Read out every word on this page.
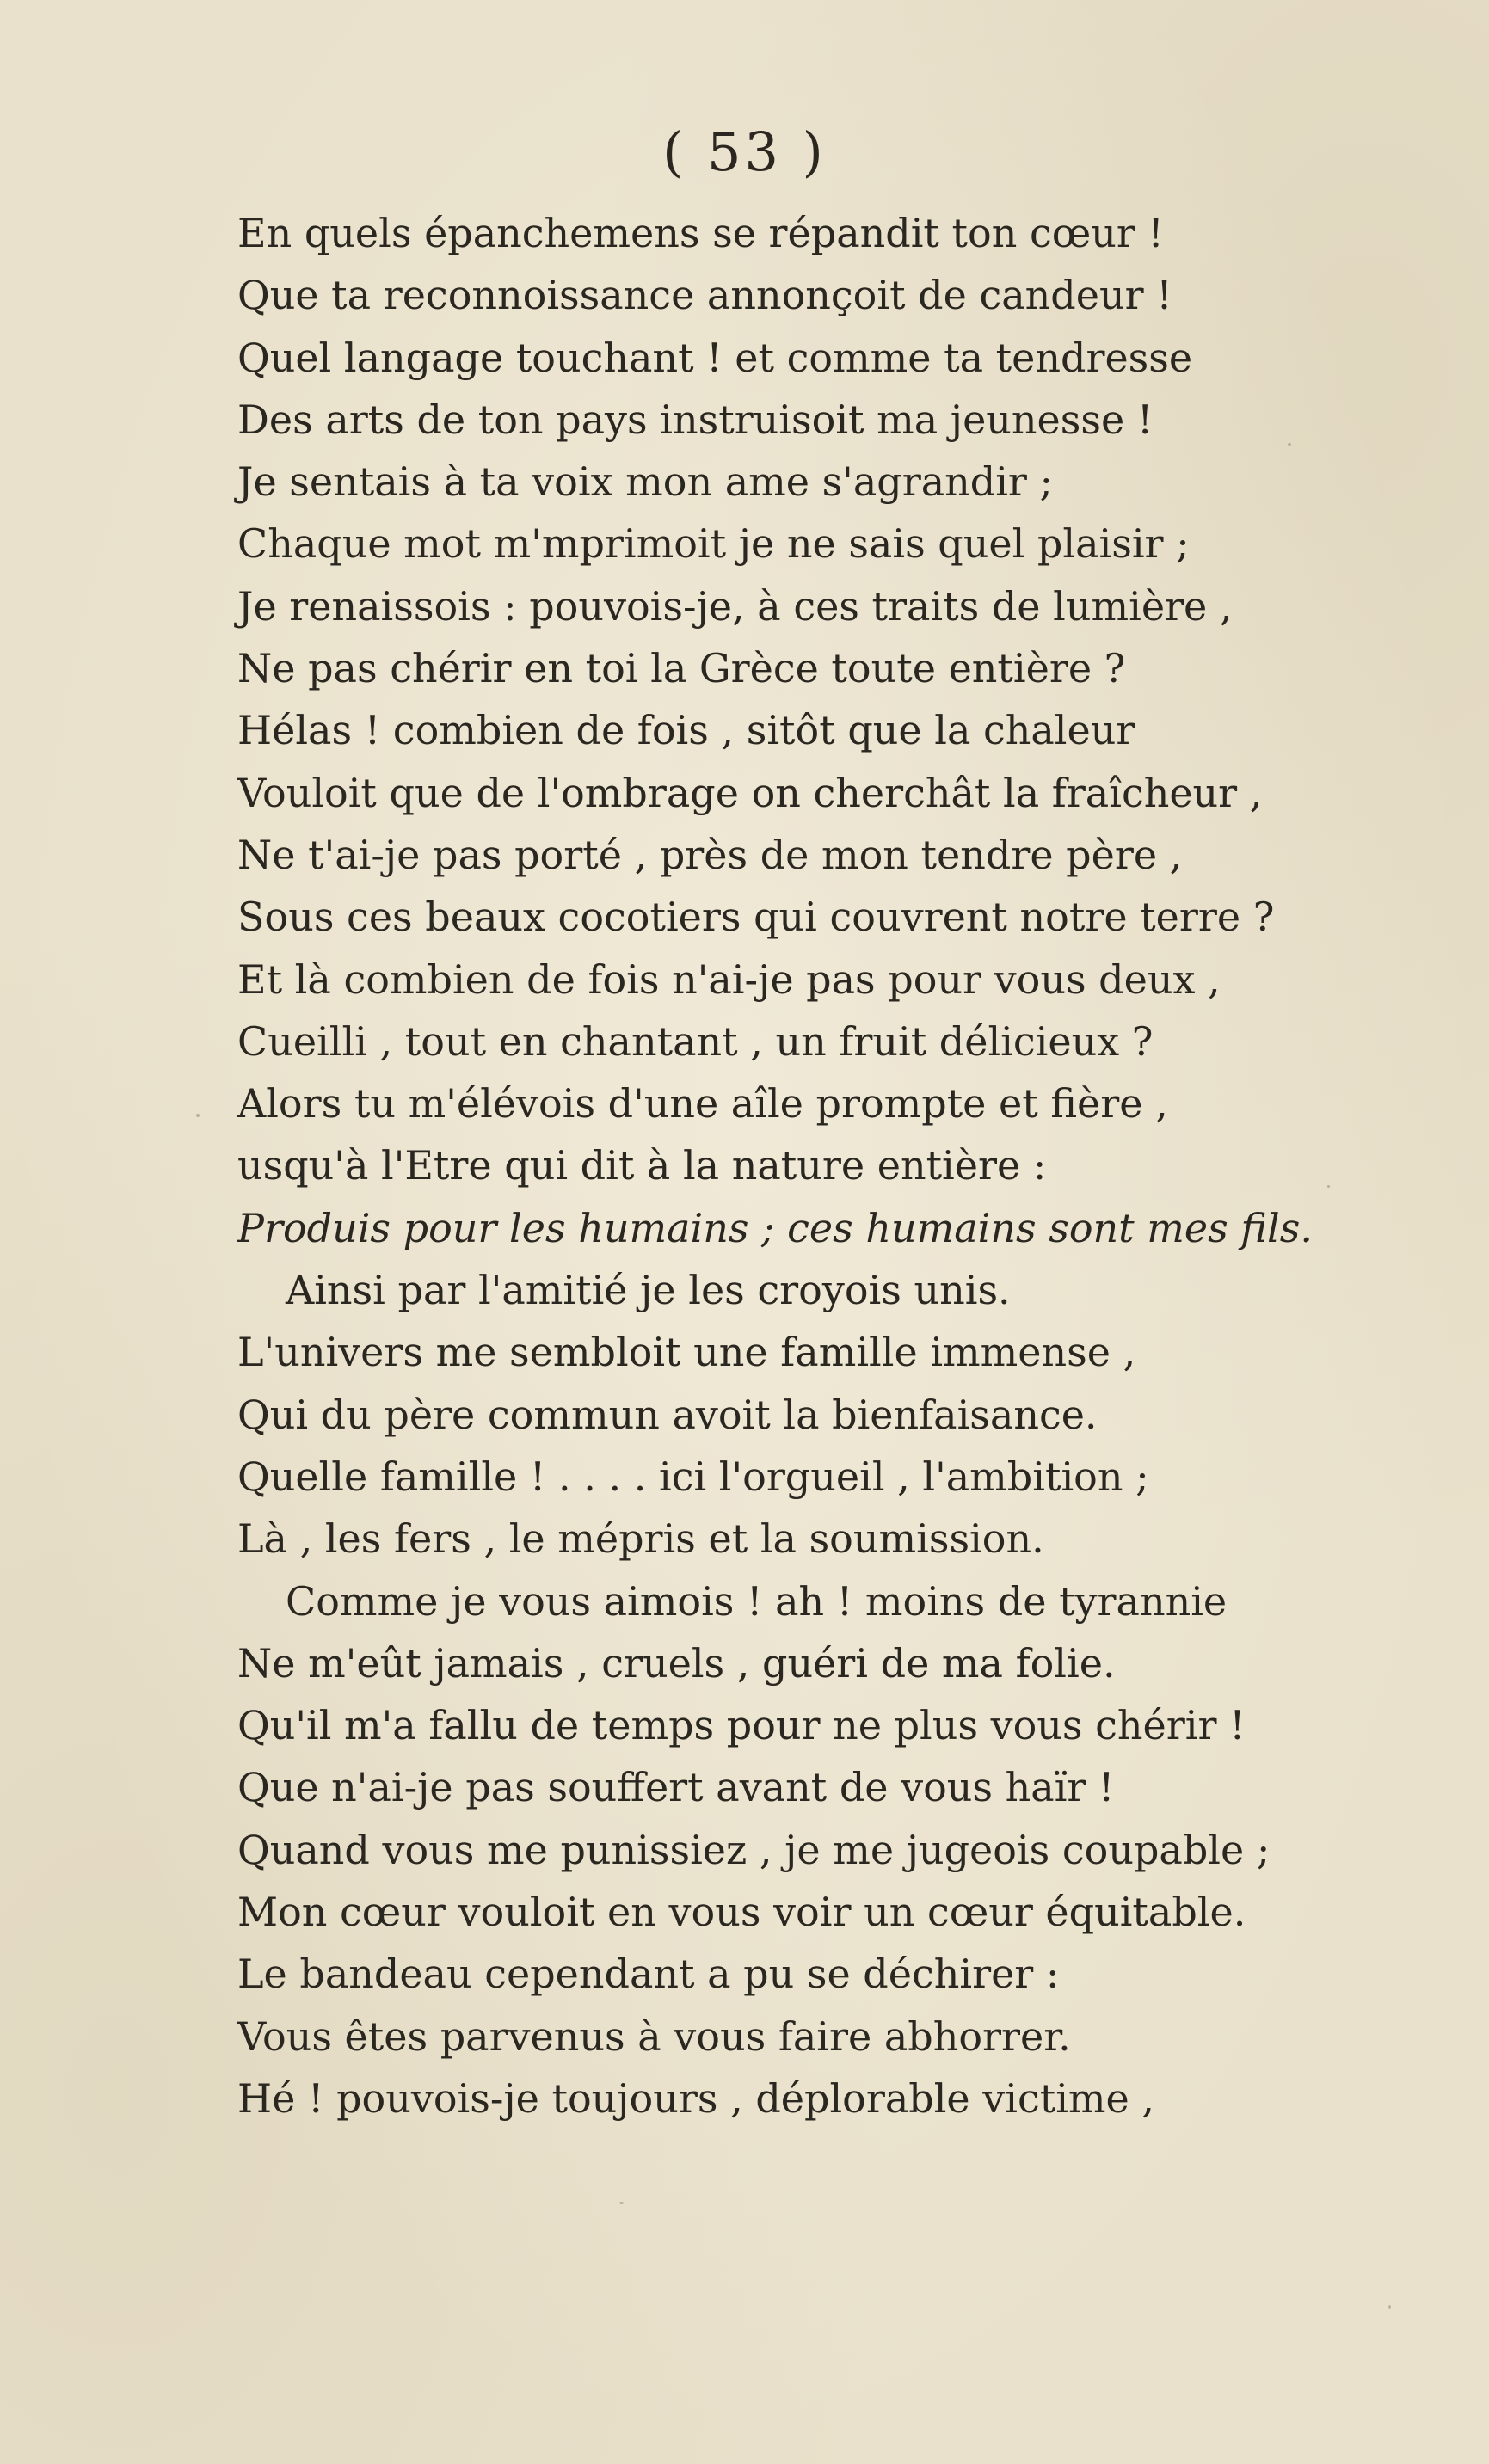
( 53 )
En quels épanchemens se répandit ton cœur !
Que ta reconnoissance annonçoit de candeur !
Quel langage touchant ! et comme ta tendresse
Des arts de ton pays instruisoit ma jeunesse !
Je sentais à ta voix mon ame s'agrandir ;
Chaque mot m'mprimoit je ne sais quel plaisir ;
Je renaissois : pouvois-je, à ces traits de lumière ,
Ne pas chérir en toi la Grèce toute entière ?
Hélas ! combien de fois , sitôt que la chaleur
Vouloit que de l'ombrage on cherchât la fraîcheur ,
Ne t'ai-je pas porté , près de mon tendre père ,
Sous ces beaux cocotiers qui couvrent notre terre ?
Et là combien de fois n'ai-je pas pour vous deux ,
Cueilli , tout en chantant , un fruit délicieux ?
Alors tu m'élévois d'une aîle prompte et fière ,
usqu'à l'Etre qui dit à la nature entière :
Produis pour les humains ; ces humains sont mes fils.
Ainsi par l'amitié je les croyois unis.
L'univers me sembloit une famille immense ,
Qui du père commun avoit la bienfaisance.
Quelle famille ! . . . . ici l'orgueil , l'ambition ;
Là , les fers , le mépris et la soumission.
Comme je vous aimois ! ah ! moins de tyrannie
Ne m'eût jamais , cruels , guéri de ma folie.
Qu'il m'a fallu de temps pour ne plus vous chérir !
Que n'ai-je pas souffert avant de vous haïr !
Quand vous me punissiez , je me jugeois coupable ;
Mon cœur vouloit en vous voir un cœur équitable.
Le bandeau cependant a pu se déchirer :
Vous êtes parvenus à vous faire abhorrer.
Hé ! pouvois-je toujours , déplorable victime ,
